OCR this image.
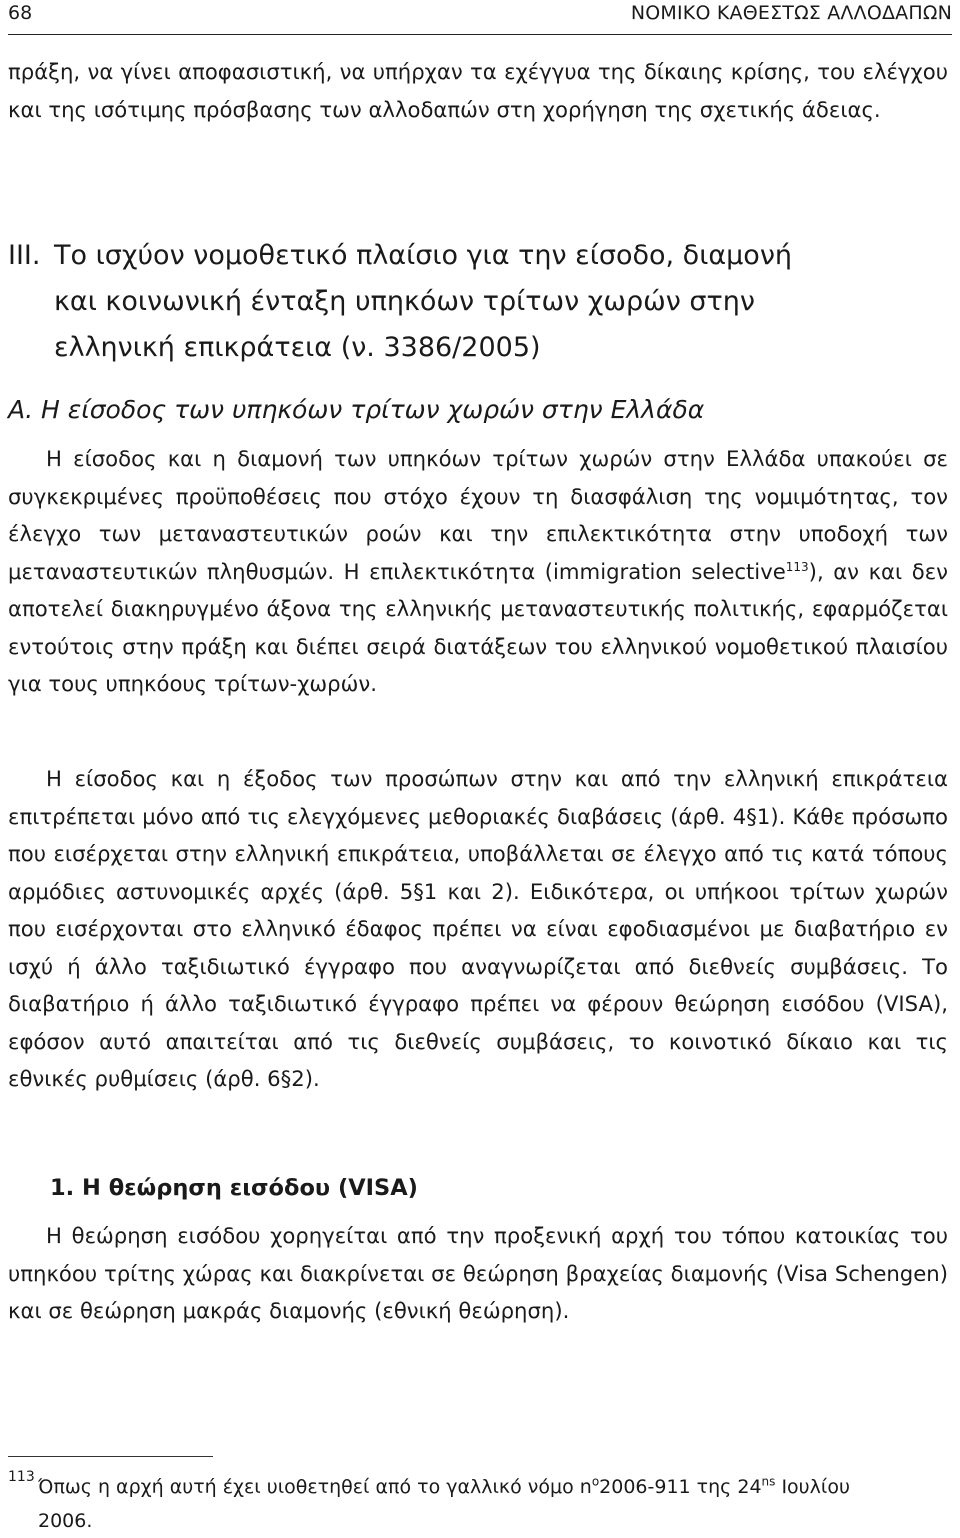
68	ΝΟΜΙΚΟ ΚΑΘΕΣΤΩΣ ΑΛΛΟΔΑΠΩΝ

πράξη, να γίνει αποφασιστική, να υπήρχαν τα εχέγγυα της δίκαιης κρίσης, του ελέγχου και της ισότιμης πρόσβασης των αλλοδαπών στη χορήγηση της σχετικής άδειας.

ΙΙΙ. Το ισχύον νομοθετικό πλαίσιο για την είσοδο, διαμονή
και κοινωνική ένταξη υπηκόων τρίτων χωρών στην
ελληνική επικράτεια (ν. 3386/2005)
Α. Η είσοδος των υπηκόων τρίτων χωρών στην Ελλάδα

Η είσοδος και η διαμονή των υπηκόων τρίτων χωρών στην Ελλάδα υπακούει σε συγκεκριμένες προϋποθέσεις που στόχο έχουν τη διασφάλιση της νομιμότητας, τον έλεγχο των μεταναστευτικών ροών και την επιλεκτικότητα στην υποδοχή των μεταναστευτικών πληθυσμών. Η επιλεκτικότητα (immigration selective$^{113}$), αν και δεν αποτελεί διακηρυγμένο άξονα της ελληνικής μεταναστευτικής πολιτικής, εφαρμόζεται εντούτοις στην πράξη και διέπει σειρά διατάξεων του ελληνικού νομοθετικού πλαισίου για τους υπηκόους τρίτων-χωρών.

Η είσοδος και η έξοδος των προσώπων στην και από την ελληνική επικράτεια επιτρέπεται μόνο από τις ελεγχόμενες μεθοριακές διαβάσεις (άρθ. 4§1). Κάθε πρόσωπο που εισέρχεται στην ελληνική επικράτεια, υποβάλλεται σε έλεγχο από τις κατά τόπους αρμόδιες αστυνομικές αρχές (άρθ. 5§1 και 2). Ειδικότερα, οι υπήκοοι τρίτων χωρών που εισέρχονται στο ελληνικό έδαφος πρέπει να είναι εφοδιασμένοι με διαβατήριο εν ισχύ ή άλλο ταξιδιωτικό έγγραφο που αναγνωρίζεται από διεθνείς συμβάσεις. Το διαβατήριο ή άλλο ταξιδιωτικό έγγραφο πρέπει να φέρουν θεώρηση εισόδου (VISA), εφόσον αυτό απαιτείται από τις διεθνείς συμβάσεις, το κοινοτικό δίκαιο και τις εθνικές ρυθμίσεις (άρθ. 6§2).

1. Η θεώρηση εισόδου (VISA)

Η θεώρηση εισόδου χορηγείται από την προξενική αρχή του τόπου κατοικίας του υπηκόου τρίτης χώρας και διακρίνεται σε θεώρηση βραχείας διαμονής (Visa Schengen) και σε θεώρηση μακράς διαμονής (εθνική θεώρηση).

113 Όπως η αρχή αυτή έχει υιοθετηθεί από το γαλλικό νόμο $n^o2006-911$ της $24^{ns}$ Ιουλίου
2006.
